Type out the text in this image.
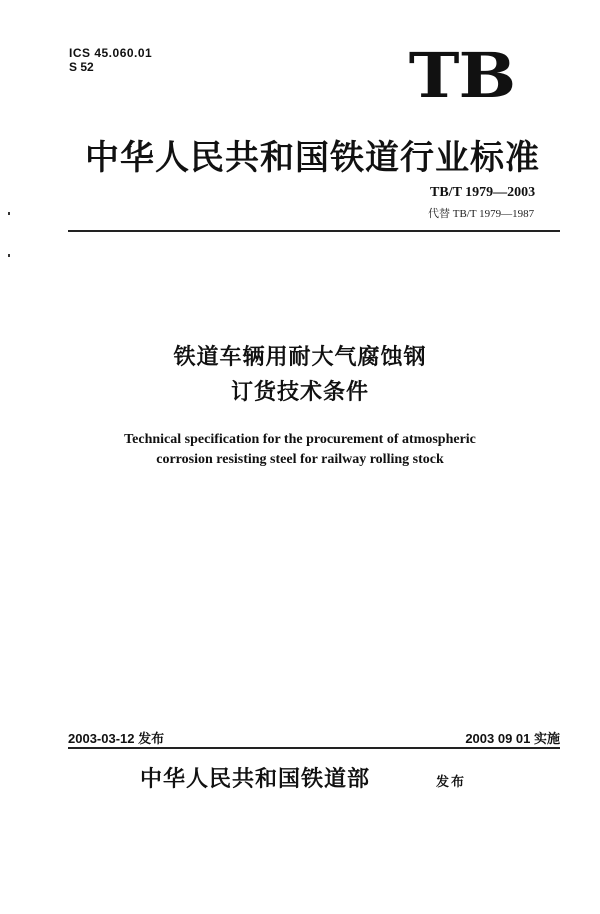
ICS 45.060.01
S 52	TB
中华人民共和国铁道行业标准
TB/T 1979—2003
代替 TB/T 1979—1987
铁道车辆用耐大气腐蚀钢
订货技术条件
Technical specification for the procurement of atmospheric
corrosion resisting steel for railway rolling stock
2003-03-12 发布	2003 09 01 实施
中华人民共和国铁道部	发布
